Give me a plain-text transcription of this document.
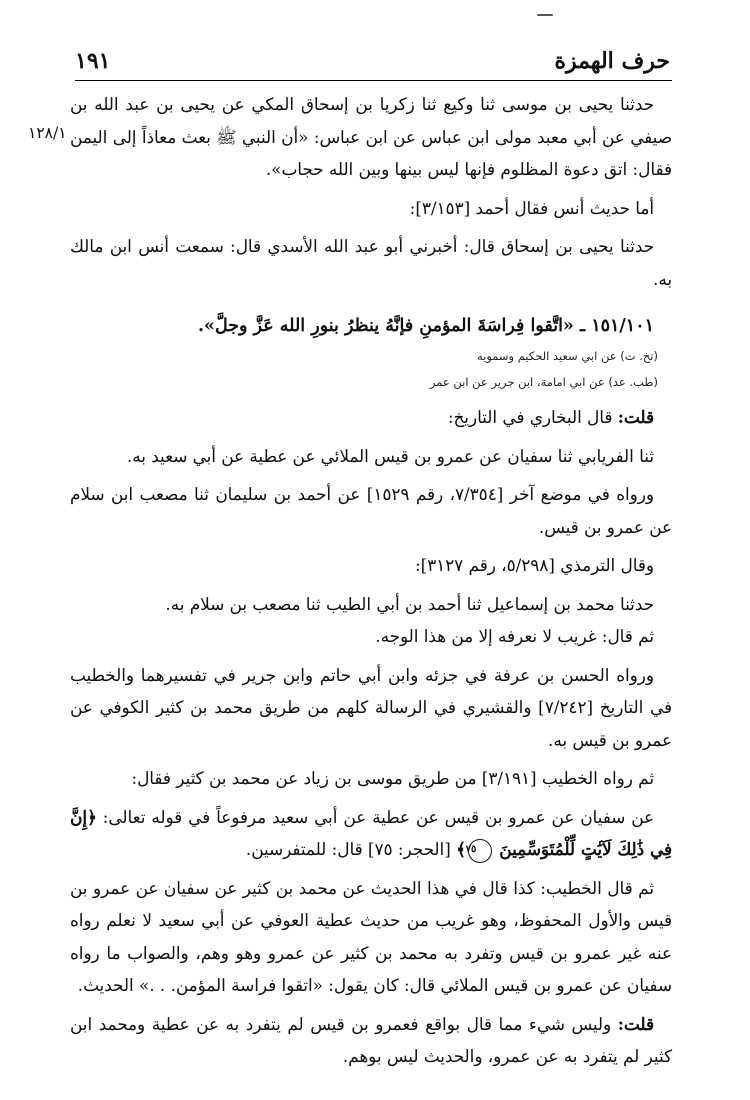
حرف الهمزة
١٩١
١٢٨/١

حدثنا يحيى بن موسى ثنا وكيع ثنا زكريا بن إسحاق المكي عن يحيى بن عبد الله بن صيفي عن أبي معبد مولى ابن عباس عن ابن عباس: «أن النبي ﷺ بعث معاذاً إلى اليمن فقال: اتق دعوة المظلوم فإنها ليس بينها وبين الله حجاب».

أما حديث أنس فقال أحمد [٣/١٥٣]:

حدثنا يحيى بن إسحاق قال: أخبرني أبو عبد الله الأسدي قال: سمعت أنس ابن مالك به.

١٥١/١٠١ ـ «اتَّقوا فِراسَةَ المؤمنِ فإنَّهُ ينظرُ بنورِ الله عَزَّ وجلَّ».

(تخ. ت) عن ابي سعيد الحكيم وسمويه
(طب. عد) عن ابي امامة، ابن جرير عن ابن عمر

قلت: قال البخاري في التاريخ:

ثنا الفريابي ثنا سفيان عن عمرو بن قيس الملائي عن عطية عن أبي سعيد به.

ورواه في موضع آخر [٧/٣٥٤، رقم ١٥٢٩] عن أحمد بن سليمان ثنا مصعب ابن سلام عن عمرو بن قيس.

وقال الترمذي [٥/٢٩٨، رقم ٣١٢٧]:

حدثنا محمد بن إسماعيل ثنا أحمد بن أبي الطيب ثنا مصعب بن سلام به.

ثم قال: غريب لا نعرفه إلا من هذا الوجه.

ورواه الحسن بن عرفة في جزئه وابن أبي حاتم وابن جرير في تفسيرهما والخطيب في التاريخ [٧/٢٤٢] والقشيري في الرسالة كلهم من طريق محمد بن كثير الكوفي عن عمرو بن قيس به.

ثم رواه الخطيب [٣/١٩١] من طريق موسى بن زياد عن محمد بن كثير فقال:

عن سفيان عن عمرو بن قيس عن عطية عن أبي سعيد مرفوعاً في قوله تعالى: ﴿إِنَّ فِي ذَٰلِكَ لَآيَٰتٍ لِّلْمُتَوَسِّمِينَ ٧٥﴾ [الحجر: ٧٥] قال: للمتفرسين.

ثم قال الخطيب: كذا قال في هذا الحديث عن محمد بن كثير عن سفيان عن عمرو بن قيس والأول المحفوظ، وهو غريب من حديث عطية العوفي عن أبي سعيد لا نعلم رواه عنه غير عمرو بن قيس وتفرد به محمد بن كثير عن عمرو وهو وهم، والصواب ما رواه سفيان عن عمرو بن قيس الملائي قال: كان يقول: «اتقوا فراسة المؤمن. . .» الحديث.

قلت: وليس شيء مما قال بواقع فعمرو بن قيس لم يتفرد به عن عطية ومحمد ابن كثير لم يتفرد به عن عمرو، والحديث ليس بوهم.
